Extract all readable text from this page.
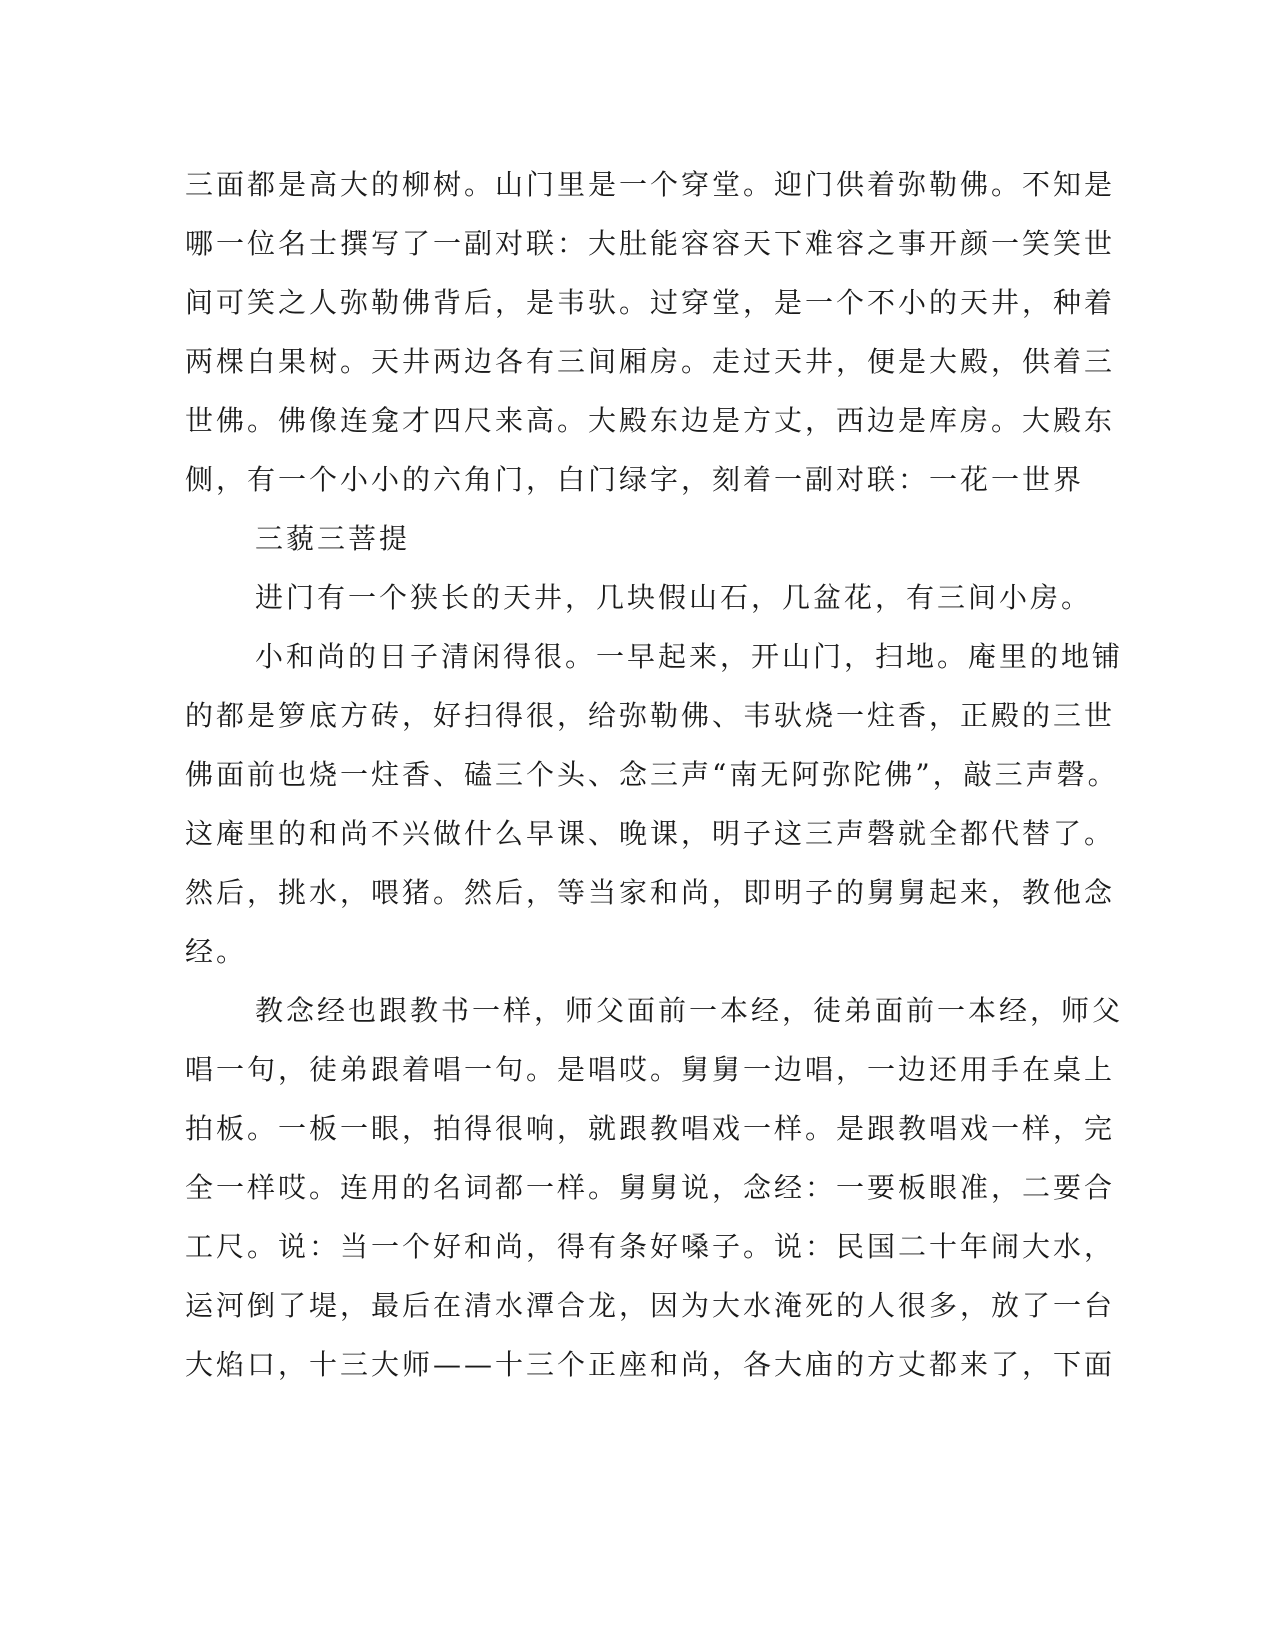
三面都是高大的柳树。山门里是一个穿堂。迎门供着弥勒佛。不知是
哪一位名士撰写了一副对联：大肚能容容天下难容之事开颜一笑笑世
间可笑之人弥勒佛背后，是韦驮。过穿堂，是一个不小的天井，种着
两棵白果树。天井两边各有三间厢房。走过天井，便是大殿，供着三
世佛。佛像连龛才四尺来高。大殿东边是方丈，西边是库房。大殿东
侧，有一个小小的六角门，白门绿字，刻着一副对联：一花一世界
三藐三菩提
进门有一个狭长的天井，几块假山石，几盆花，有三间小房。
小和尚的日子清闲得很。一早起来，开山门，扫地。庵里的地铺
的都是箩底方砖，好扫得很，给弥勒佛、韦驮烧一炷香，正殿的三世
佛面前也烧一炷香、磕三个头、念三声“南无阿弥陀佛”，敲三声磬。
这庵里的和尚不兴做什么早课、晚课，明子这三声磬就全都代替了。
然后，挑水，喂猪。然后，等当家和尚，即明子的舅舅起来，教他念
经。
教念经也跟教书一样，师父面前一本经，徒弟面前一本经，师父
唱一句，徒弟跟着唱一句。是唱哎。舅舅一边唱，一边还用手在桌上
拍板。一板一眼，拍得很响，就跟教唱戏一样。是跟教唱戏一样，完
全一样哎。连用的名词都一样。舅舅说，念经：一要板眼准，二要合
工尺。说：当一个好和尚，得有条好嗓子。说：民国二十年闹大水，
运河倒了堤，最后在清水潭合龙，因为大水淹死的人很多，放了一台
大焰口，十三大师——十三个正座和尚，各大庙的方丈都来了，下面
